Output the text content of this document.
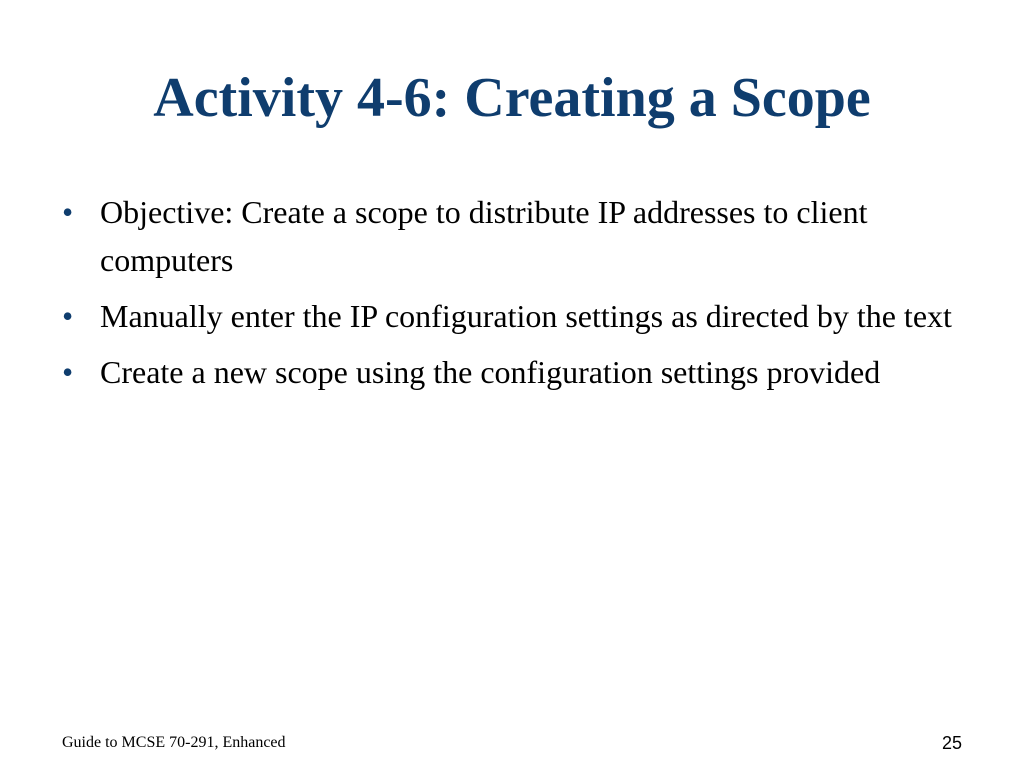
Activity 4-6: Creating a Scope
• Objective: Create a scope to distribute IP addresses to client computers
• Manually enter the IP configuration settings as directed by the text
• Create a new scope using the configuration settings provided
Guide to MCSE 70-291, Enhanced	25
